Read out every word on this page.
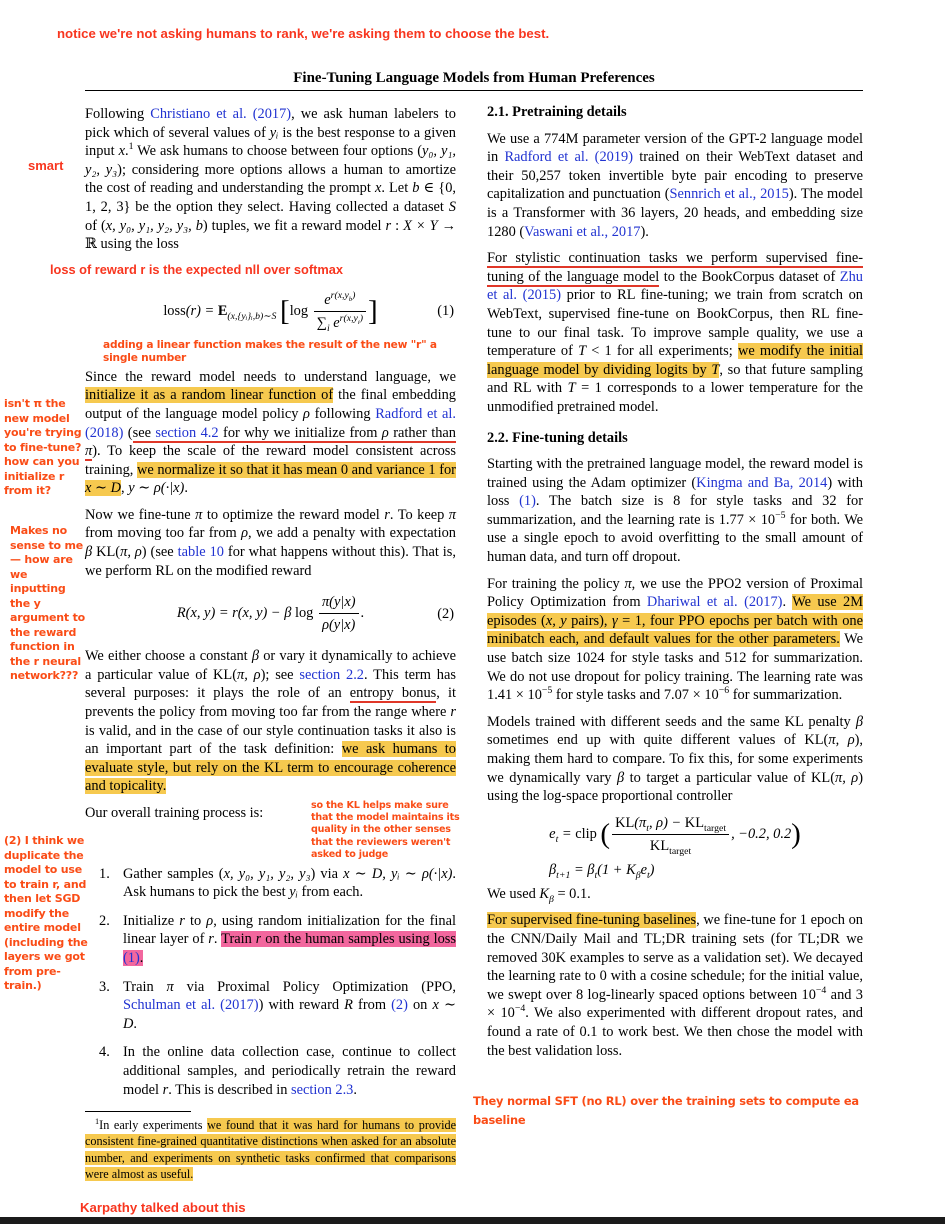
notice we're not asking humans to rank, we're asking them to choose the best.
smart
isn't π the new model you're trying to fine-tune? how can you initialize r from it?
Makes no sense to me — how are we inputting the y argument to the reward function in the r neural network???
(2) I think we duplicate the model to use to train r, and then let SGD modify the entire model (including the layers we got from pre-train.)
Fine-Tuning Language Models from Human Preferences
Following Christiano et al. (2017), we ask human labelers to pick which of several values of yᵢ is the best response to a given input x.$^1$ We ask humans to choose between four options (y₀, y₁, y₂, y₃); considering more options allows a human to amortize the cost of reading and understanding the prompt x. Let b ∈ {0, 1, 2, 3} be the option they select. Having collected a dataset S of (x, y₀, y₁, y₂, y₃, b) tuples, we fit a reward model r : X × Y → ℝ using the loss
loss of reward r is the expected nll over softmax
loss(r) = $E_{(x,\{yᵢ\}ᵢ,b)\sim S}$ [$\log \frac{e^{r(x,y_b)}}{\sum_i e^{r(x,y_i)}}$ ]	(1)
adding a linear function makes the result of the new "r" a single number
Since the reward model needs to understand language, we initialize it as a random linear function of the final embedding output of the language model policy ρ following Radford et al. (2018) (see section 4.2 for why we initialize from ρ rather than π). To keep the scale of the reward model consistent across training, we normalize it so that it has mean 0 and variance 1 for x ∼ D, y ∼ ρ(·|x).
Now we fine-tune π to optimize the reward model r. To keep π from moving too far from ρ, we add a penalty with expectation β KL(π, ρ) (see table 10 for what happens without this). That is, we perform RL on the modified reward
R(x, y) = r(x, y) − β $\log \frac{\pi(y|x)}{\rho(y|x)}$ .	(2)
We either choose a constant β or vary it dynamically to achieve a particular value of KL(π, ρ); see section 2.2. This term has several purposes: it plays the role of an entropy bonus, it prevents the policy from moving too far from the range where r is valid, and in the case of our style continuation tasks it also is an important part of the task definition: we ask humans to evaluate style, but rely on the KL term to encourage coherence and topicality.
Our overall training process is:	so the KL helps make sure that the model maintains its quality in the other senses that the reviewers weren't asked to judge
1. Gather samples (x, y₀, y₁, y₂, y₃) via x ∼ D, yᵢ ∼ ρ(·|x). Ask humans to pick the best yᵢ from each.
2. Initialize r to ρ, using random initialization for the final linear layer of r. Train r on the human samples using loss (1).
3. Train π via Proximal Policy Optimization (PPO, Schulman et al. (2017)) with reward R from (2) on x ∼ D.
4. In the online data collection case, continue to collect additional samples, and periodically retrain the reward model r. This is described in section 2.3.
$^1$In early experiments we found that it was hard for humans to provide consistent fine-grained quantitative distinctions when asked for an absolute number, and experiments on synthetic tasks confirmed that comparisons were almost as useful.
Karpathy talked about this
2.1. Pretraining details
We use a 774M parameter version of the GPT-2 language model in Radford et al. (2019) trained on their WebText dataset and their 50,257 token invertible byte pair encoding to preserve capitalization and punctuation (Sennrich et al., 2015). The model is a Transformer with 36 layers, 20 heads, and embedding size 1280 (Vaswani et al., 2017).
For stylistic continuation tasks we perform supervised fine-tuning of the language model to the BookCorpus dataset of Zhu et al. (2015) prior to RL fine-tuning; we train from scratch on WebText, supervised fine-tune on BookCorpus, then RL fine-tune to our final task. To improve sample quality, we use a temperature of T < 1 for all experiments; we modify the initial language model by dividing logits by T, so that future sampling and RL with T = 1 corresponds to a lower temperature for the unmodified pretrained model.
2.2. Fine-tuning details
Starting with the pretrained language model, the reward model is trained using the Adam optimizer (Kingma and Ba, 2014) with loss (1). The batch size is 8 for style tasks and 32 for summarization, and the learning rate is $1.77 \times 10^{-5}$ for both. We use a single epoch to avoid overfitting to the small amount of human data, and turn off dropout.
For training the policy π, we use the PPO2 version of Proximal Policy Optimization from Dhariwal et al. (2017). We use 2M episodes (x, y pairs), γ = 1, four PPO epochs per batch with one minibatch each, and default values for the other parameters. We use batch size 1024 for style tasks and 512 for summarization. We do not use dropout for policy training. The learning rate was $1.41 \times 10^{-5}$ for style tasks and $7.07 \times 10^{-6}$ for summarization.
Models trained with different seeds and the same KL penalty β sometimes end up with quite different values of KL(π, ρ), making them hard to compare. To fix this, for some experiments we dynamically vary β to target a particular value of KL(π, ρ) using the log-space proportional controller
$e_t$ = clip ( $\frac{KL(\pi_t, \rho) - KL_{target}}{KL_{target}}$ , −0.2, 0.2)
$\beta_{t+1} = \beta_t(1 + K_\beta e_t)$
We used $K_\beta = 0.1$.
For supervised fine-tuning baselines, we fine-tune for 1 epoch on the CNN/Daily Mail and TL;DR training sets (for TL;DR we removed 30K examples to serve as a validation set). We decayed the learning rate to 0 with a cosine schedule; for the initial value, we swept over 8 log-linearly spaced options between $10^{-4}$ and $3 \times 10^{-4}$. We also experimented with different dropout rates, and found a rate of 0.1 to work best. We then chose the model with the best validation loss.
They normal SFT (no RL) over the training sets to compute ea baseline
